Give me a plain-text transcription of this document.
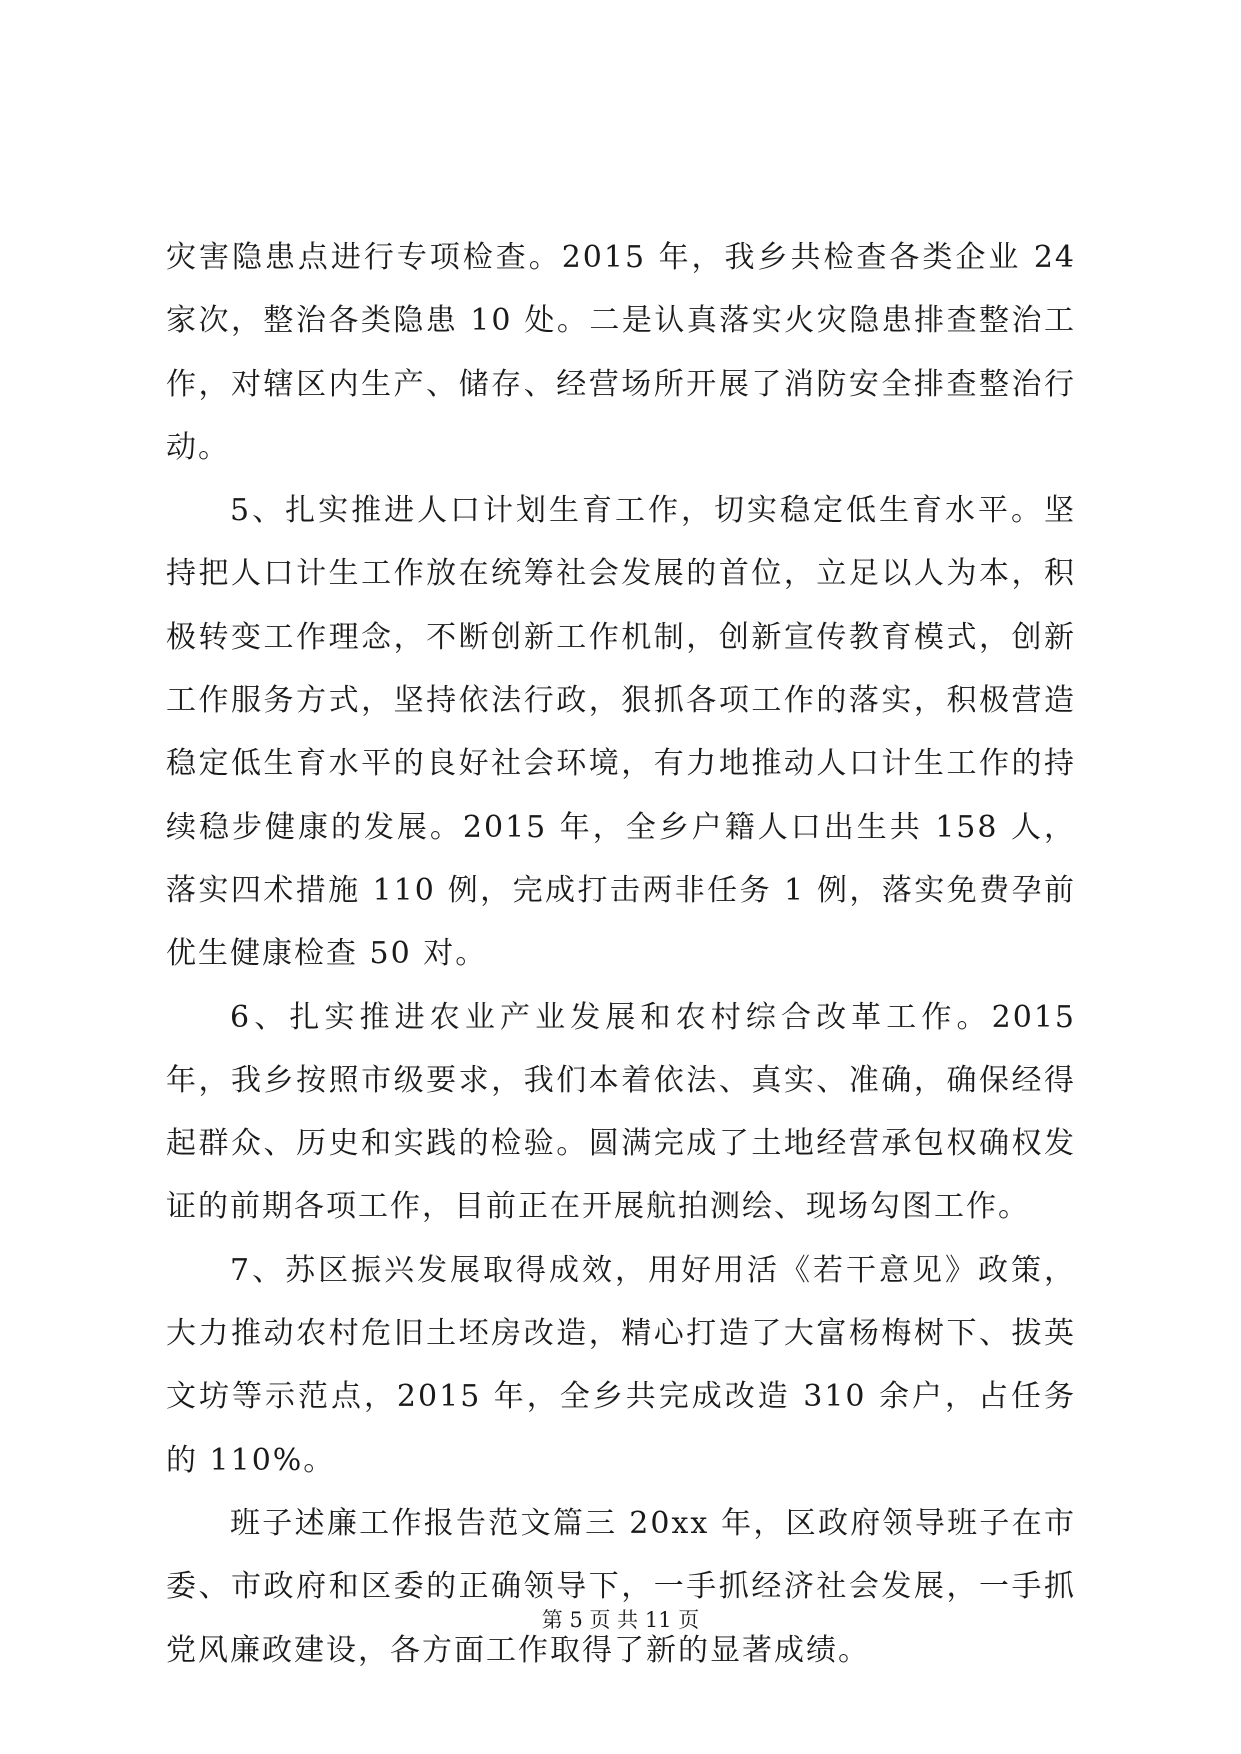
灾害隐患点进行专项检查。2015 年，我乡共检查各类企业 24 家次，整治各类隐患 10 处。二是认真落实火灾隐患排查整治工作，对辖区内生产、储存、经营场所开展了消防安全排查整治行动。

5、扎实推进人口计划生育工作，切实稳定低生育水平。坚持把人口计生工作放在统筹社会发展的首位，立足以人为本，积极转变工作理念，不断创新工作机制，创新宣传教育模式，创新工作服务方式，坚持依法行政，狠抓各项工作的落实，积极营造稳定低生育水平的良好社会环境，有力地推动人口计生工作的持续稳步健康的发展。2015 年，全乡户籍人口出生共 158 人，落实四术措施 110 例，完成打击两非任务 1 例，落实免费孕前优生健康检查 50 对。

6、扎实推进农业产业发展和农村综合改革工作。2015 年，我乡按照市级要求，我们本着依法、真实、准确，确保经得起群众、历史和实践的检验。圆满完成了土地经营承包权确权发证的前期各项工作，目前正在开展航拍测绘、现场勾图工作。

7、苏区振兴发展取得成效，用好用活《若干意见》政策，大力推动农村危旧土坯房改造，精心打造了大富杨梅树下、拔英文坊等示范点，2015 年，全乡共完成改造 310 余户，占任务的 110%。

班子述廉工作报告范文篇三 20xx 年，区政府领导班子在市委、市政府和区委的正确领导下，一手抓经济社会发展，一手抓党风廉政建设，各方面工作取得了新的显著成绩。

第 5 页 共 11 页
